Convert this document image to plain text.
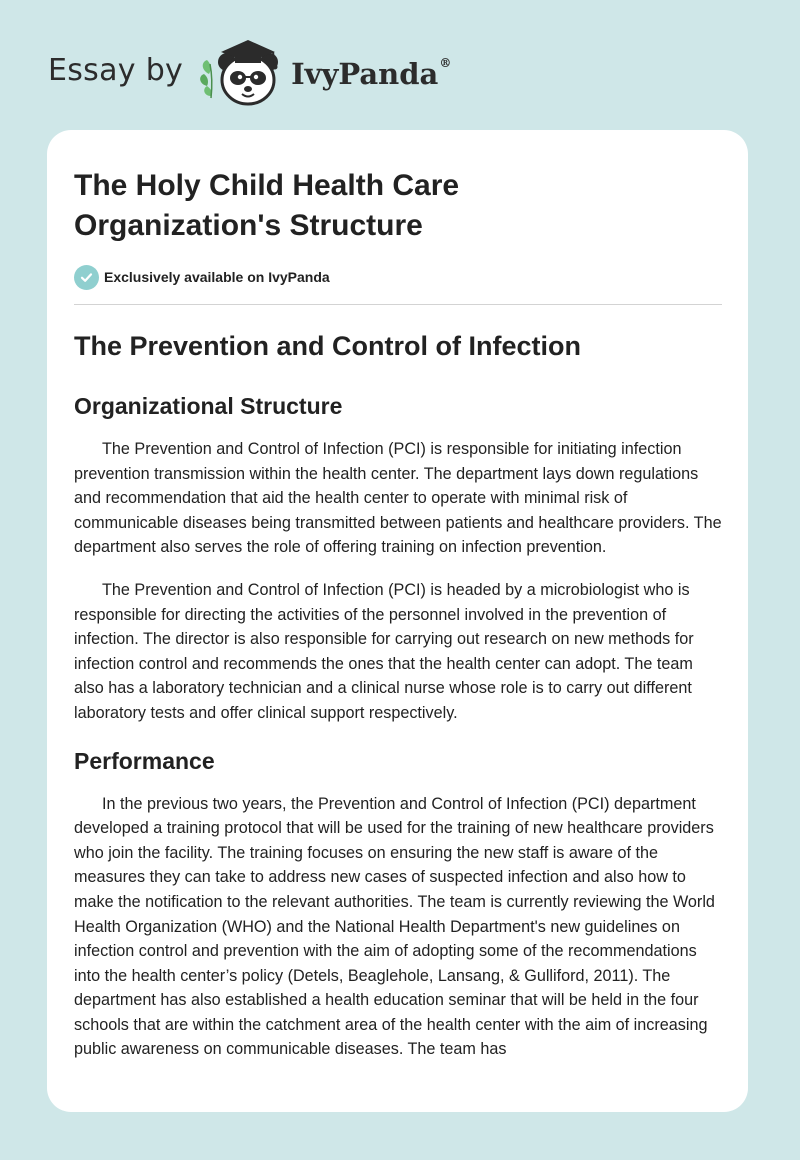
Essay by	IvyPanda®
The Holy Child Health Care
Organization's Structure
Exclusively available on IvyPanda
The Prevention and Control of Infection
Organizational Structure

The Prevention and Control of Infection (PCI) is responsible for initiating infection prevention transmission within the health center. The department lays down regulations and recommendation that aid the health center to operate with minimal risk of communicable diseases being transmitted between patients and healthcare providers. The department also serves the role of offering training on infection prevention.

The Prevention and Control of Infection (PCI) is headed by a microbiologist who is responsible for directing the activities of the personnel involved in the prevention of infection. The director is also responsible for carrying out research on new methods for infection control and recommends the ones that the health center can adopt. The team also has a laboratory technician and a clinical nurse whose role is to carry out different laboratory tests and offer clinical support respectively.

Performance

In the previous two years, the Prevention and Control of Infection (PCI) department developed a training protocol that will be used for the training of new healthcare providers who join the facility. The training focuses on ensuring the new staff is aware of the measures they can take to address new cases of suspected infection and also how to make the notification to the relevant authorities. The team is currently reviewing the World Health Organization (WHO) and the National Health Department's new guidelines on infection control and prevention with the aim of adopting some of the recommendations into the health center’s policy (Detels, Beaglehole, Lansang, & Gulliford, 2011). The department has also established a health education seminar that will be held in the four schools that are within the catchment area of the health center with the aim of increasing public awareness on communicable diseases. The team has
